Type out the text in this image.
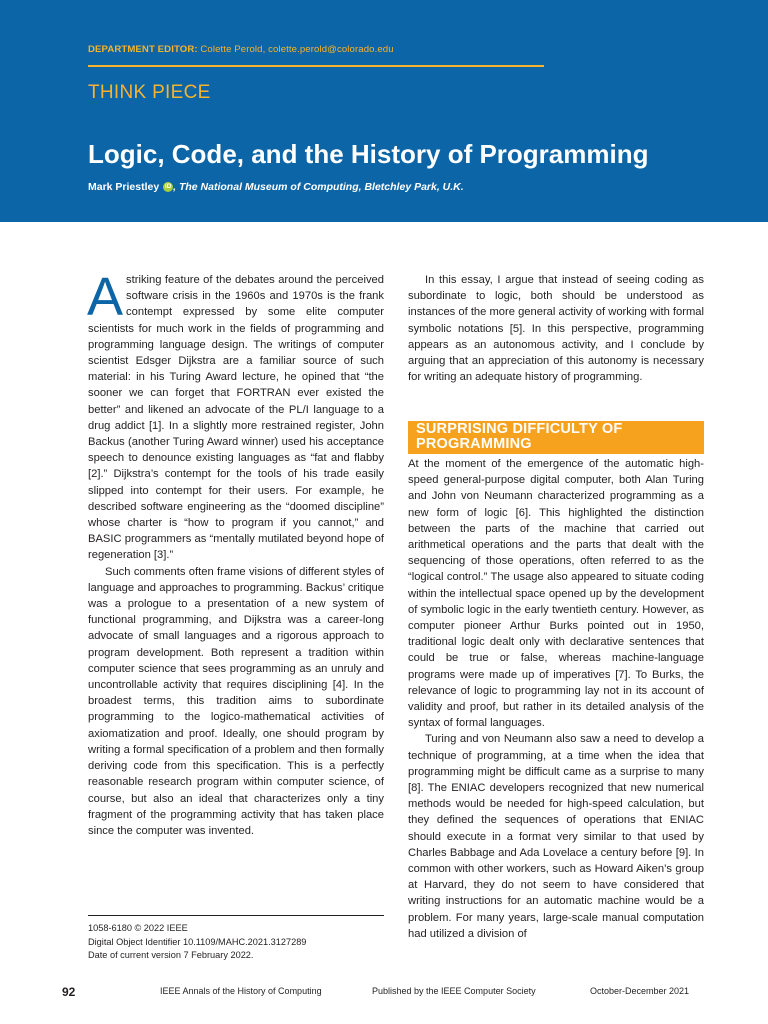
DEPARTMENT EDITOR: Colette Perold, colette.perold@colorado.edu
THINK PIECE
Logic, Code, and the History of Programming
Mark Priestley iD , The National Museum of Computing, Bletchley Park, U.K.

Astriking feature of the debates around the perceived software crisis in the 1960s and 1970s is the frank contempt expressed by some elite computer scientists for much work in the fields of programming and programming language design. The writings of computer scientist Edsger Dijkstra are a familiar source of such material: in his Turing Award lecture, he opined that “the sooner we can forget that FORTRAN ever existed the better” and likened an advocate of the PL/I language to a drug addict [1]. In a slightly more restrained register, John Backus (another Turing Award winner) used his acceptance speech to denounce existing languages as “fat and flabby [2].” Dijkstra’s contempt for the tools of his trade easily slipped into contempt for their users. For example, he described software engineering as the “doomed discipline” whose charter is “how to program if you cannot,” and BASIC programmers as “mentally mutilated beyond hope of regeneration [3].”

Such comments often frame visions of different styles of language and approaches to programming. Backus’ critique was a prologue to a presentation of a new system of functional programming, and Dijkstra was a career-long advocate of small languages and a rigorous approach to program development. Both represent a tradition within computer science that sees programming as an unruly and uncontrollable activity that requires disciplining [4]. In the broadest terms, this tradition aims to subordinate programming to the logico-mathematical activities of axiomatization and proof. Ideally, one should program by writing a formal specification of a problem and then formally deriving code from this specification. This is a perfectly reasonable research program within computer science, of course, but also an ideal that characterizes only a tiny fragment of the programming activity that has taken place since the computer was invented.

1058-6180 © 2022 IEEE
Digital Object Identifier 10.1109/MAHC.2021.3127289
Date of current version 7 February 2022.

In this essay, I argue that instead of seeing coding as subordinate to logic, both should be understood as instances of the more general activity of working with formal symbolic notations [5]. In this perspective, programming appears as an autonomous activity, and I conclude by arguing that an appreciation of this autonomy is necessary for writing an adequate history of programming.

SURPRISING DIFFICULTY OF PROGRAMMING

At the moment of the emergence of the automatic high-speed general-purpose digital computer, both Alan Turing and John von Neumann characterized programming as a new form of logic [6]. This highlighted the distinction between the parts of the machine that carried out arithmetical operations and the parts that dealt with the sequencing of those operations, often referred to as the “logical control.” The usage also appeared to situate coding within the intellectual space opened up by the development of symbolic logic in the early twentieth century. However, as computer pioneer Arthur Burks pointed out in 1950, traditional logic dealt only with declarative sentences that could be true or false, whereas machine-language programs were made up of imperatives [7]. To Burks, the relevance of logic to programming lay not in its account of validity and proof, but rather in its detailed analysis of the syntax of formal languages.

Turing and von Neumann also saw a need to develop a technique of programming, at a time when the idea that programming might be difficult came as a surprise to many [8]. The ENIAC developers recognized that new numerical methods would be needed for high-speed calculation, but they defined the sequences of operations that ENIAC should execute in a format very similar to that used by Charles Babbage and Ada Lovelace a century before [9]. In common with other workers, such as Howard Aiken’s group at Harvard, they do not seem to have considered that writing instructions for an automatic machine would be a problem. For many years, large-scale manual computation had utilized a division of

92	IEEE Annals of the History of Computing	Published by the IEEE Computer Society	October-December 2021
